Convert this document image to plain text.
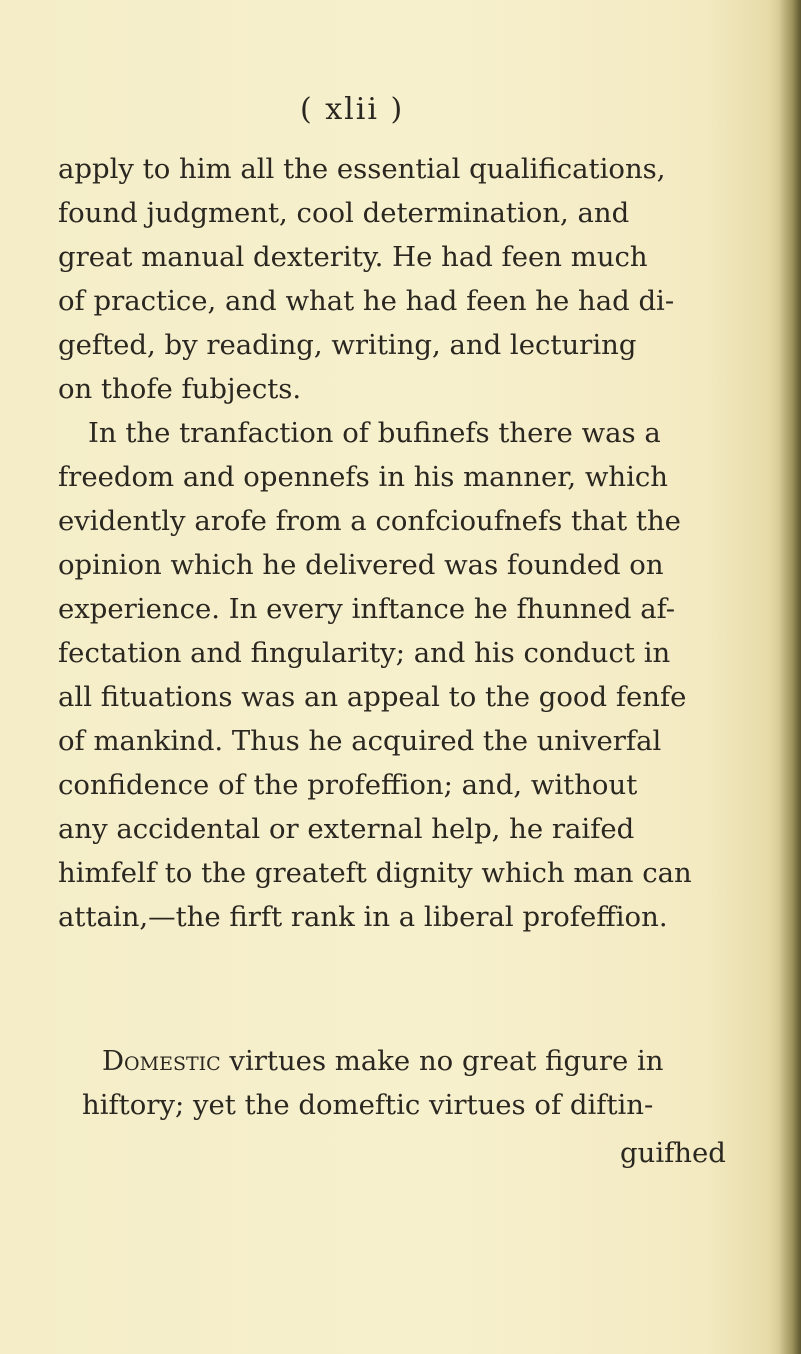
( xlii )
apply to him all the essential qualifications,
found judgment, cool determination, and
great manual dexterity. He had feen much
of practice, and what he had feen he had di-
gefted, by reading, writing, and lecturing
on thofe fubjects.
In the tranfaction of bufinefs there was a
freedom and opennefs in his manner, which
evidently arofe from a confcioufnefs that the
opinion which he delivered was founded on
experience. In every inftance he fhunned af-
fectation and fingularity; and his conduct in
all fituations was an appeal to the good fenfe
of mankind. Thus he acquired the univerfal
confidence of the profeffion; and, without
any accidental or external help, he raifed
himfelf to the greateft dignity which man can
attain,—the firft rank in a liberal profeffion.
Domestic virtues make no great figure in
hiftory; yet the domeftic virtues of diftin-
guifhed
